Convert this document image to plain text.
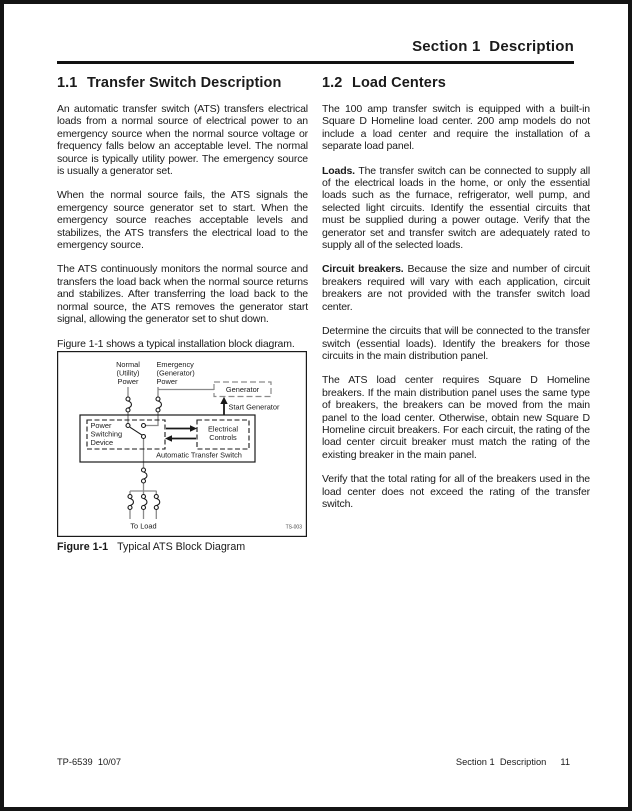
Section 1  Description
1.1 Transfer Switch Description

An automatic transfer switch (ATS) transfers electrical loads from a normal source of electrical power to an emergency source when the normal source voltage or frequency falls below an acceptable level. The normal source is typically utility power. The emergency source is usually a generator set.

When the normal source fails, the ATS signals the emergency source generator set to start. When the emergency source reaches acceptable levels and stabilizes, the ATS transfers the electrical load to the emergency source.

The ATS continuously monitors the normal source and transfers the load back when the normal source returns and stabilizes. After transferring the load back to the normal source, the ATS removes the generator start signal, allowing the generator set to shut down.

Figure 1-1 shows a typical installation block diagram.

1.2 Load Centers

The 100 amp transfer switch is equipped with a built-in Square D Homeline load center. 200 amp models do not include a load center and require the installation of a separate load panel.

Loads. The transfer switch can be connected to supply all of the electrical loads in the home, or only the essential loads such as the furnace, refrigerator, well pump, and selected light circuits. Identify the essential circuits that must be supplied during a power outage. Verify that the generator set and transfer switch are adequately rated to supply all of the selected loads.

Circuit breakers. Because the size and number of circuit breakers required will vary with each application, circuit breakers are not provided with the transfer switch load center.

Determine the circuits that will be connected to the transfer switch (essential loads). Identify the breakers for those circuits in the main distribution panel.

The ATS load center requires Square D Homeline breakers. If the main distribution panel uses the same type of breakers, the breakers can be moved from the main panel to the load center. Otherwise, obtain new Square D Homeline circuit breakers. For each circuit, the rating of the load center circuit breaker must match the rating of the existing breaker in the main panel.

Verify that the total rating for all of the breakers used in the load center does not exceed the rating of the transfer switch.

Normal
(Utility)
Power
Emergency
(Generator)
Power
Generator
Start Generator
Power
Switching
Device
Electrical
Controls
Automatic Transfer Switch
To Load	TS-003
Figure 1-1 Typical ATS Block Diagram
TP-6539  10/07	Section 1  Description 11
